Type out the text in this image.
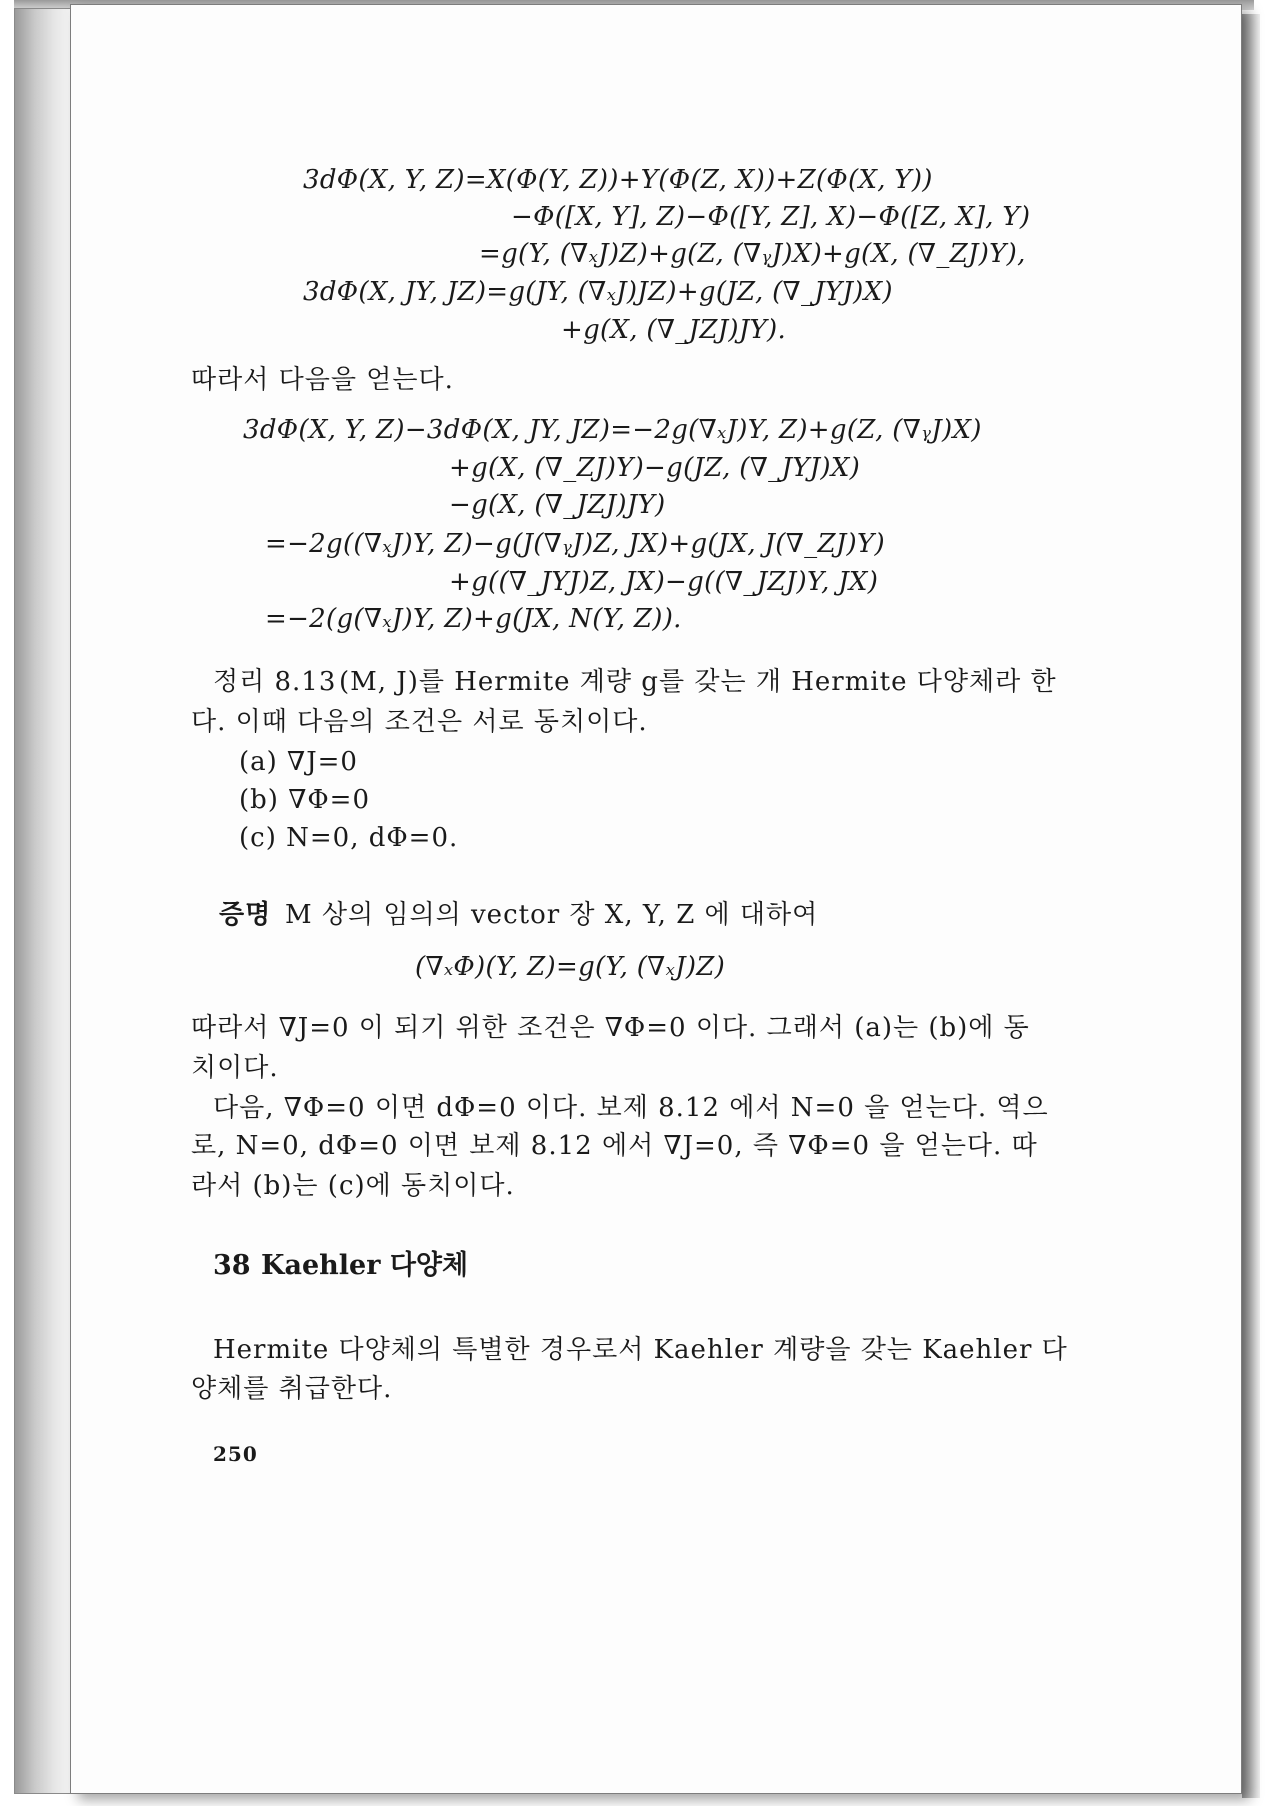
3dΦ(X, Y, Z)=X(Φ(Y, Z))+Y(Φ(Z, X))+Z(Φ(X, Y))
−Φ([X, Y], Z)−Φ([Y, Z], X)−Φ([Z, X], Y)
=g(Y, (∇ₓJ)Z)+g(Z, (∇ᵧJ)X)+g(X, (∇_ZJ)Y),
3dΦ(X, JY, JZ)=g(JY, (∇ₓJ)JZ)+g(JZ, (∇_JYJ)X)
+g(X, (∇_JZJ)JY).
따라서 다음을 얻는다.
3dΦ(X, Y, Z)−3dΦ(X, JY, JZ)=−2g(∇ₓJ)Y, Z)+g(Z, (∇ᵧJ)X)
+g(X, (∇_ZJ)Y)−g(JZ, (∇_JYJ)X)
−g(X, (∇_JZJ)JY)
=−2g((∇ₓJ)Y, Z)−g(J(∇ᵧJ)Z, JX)+g(JX, J(∇_ZJ)Y)
+g((∇_JYJ)Z, JX)−g((∇_JZJ)Y, JX)
=−2(g(∇ₓJ)Y, Z)+g(JX, N(Y, Z)).
정리 8.13 (M, J)를 Hermite 계량 g를 갖는 개 Hermite 다양체라 한
다. 이때 다음의 조건은 서로 동치이다.
(a) ∇J=0
(b) ∇Φ=0
(c) N=0, dΦ=0.
증명 M 상의 임의의 vector 장 X, Y, Z 에 대하여
(∇ₓΦ)(Y, Z)=g(Y, (∇ₓJ)Z)
따라서 ∇J=0 이 되기 위한 조건은 ∇Φ=0 이다. 그래서 (a)는 (b)에 동
치이다.
다음, ∇Φ=0 이면 dΦ=0 이다. 보제 8.12 에서 N=0 을 얻는다. 역으
로, N=0, dΦ=0 이면 보제 8.12 에서 ∇J=0, 즉 ∇Φ=0 을 얻는다. 따
라서 (b)는 (c)에 동치이다.
38 Kaehler 다양체
Hermite 다양체의 특별한 경우로서 Kaehler 계량을 갖는 Kaehler 다
양체를 취급한다.
250
